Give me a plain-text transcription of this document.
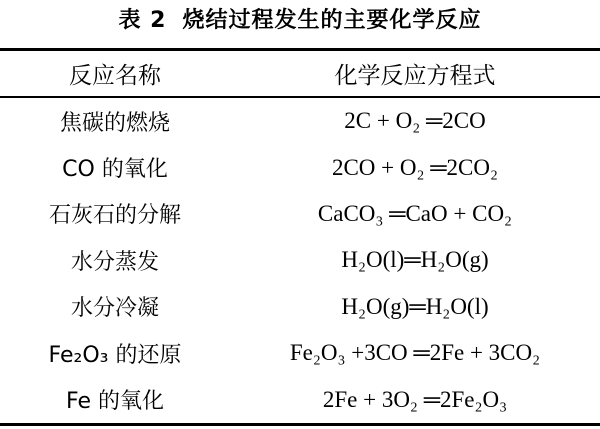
表 2 烧结过程发生的主要化学反应
反应名称	化学反应方程式
焦碳的燃烧	2C + O₂ ═2CO
CO 的氧化	2CO + O₂ ═2CO₂
石灰石的分解	CaCO₃ ═CaO + CO₂
水分蒸发	H₂O(l)═H₂O(g)
水分冷凝	H₂O(g)═H₂O(l)
Fe₂O₃ 的还原	Fe₂O₃ +3CO ═2Fe + 3CO₂
Fe 的氧化	2Fe + 3O₂ ═2Fe₂O₃
